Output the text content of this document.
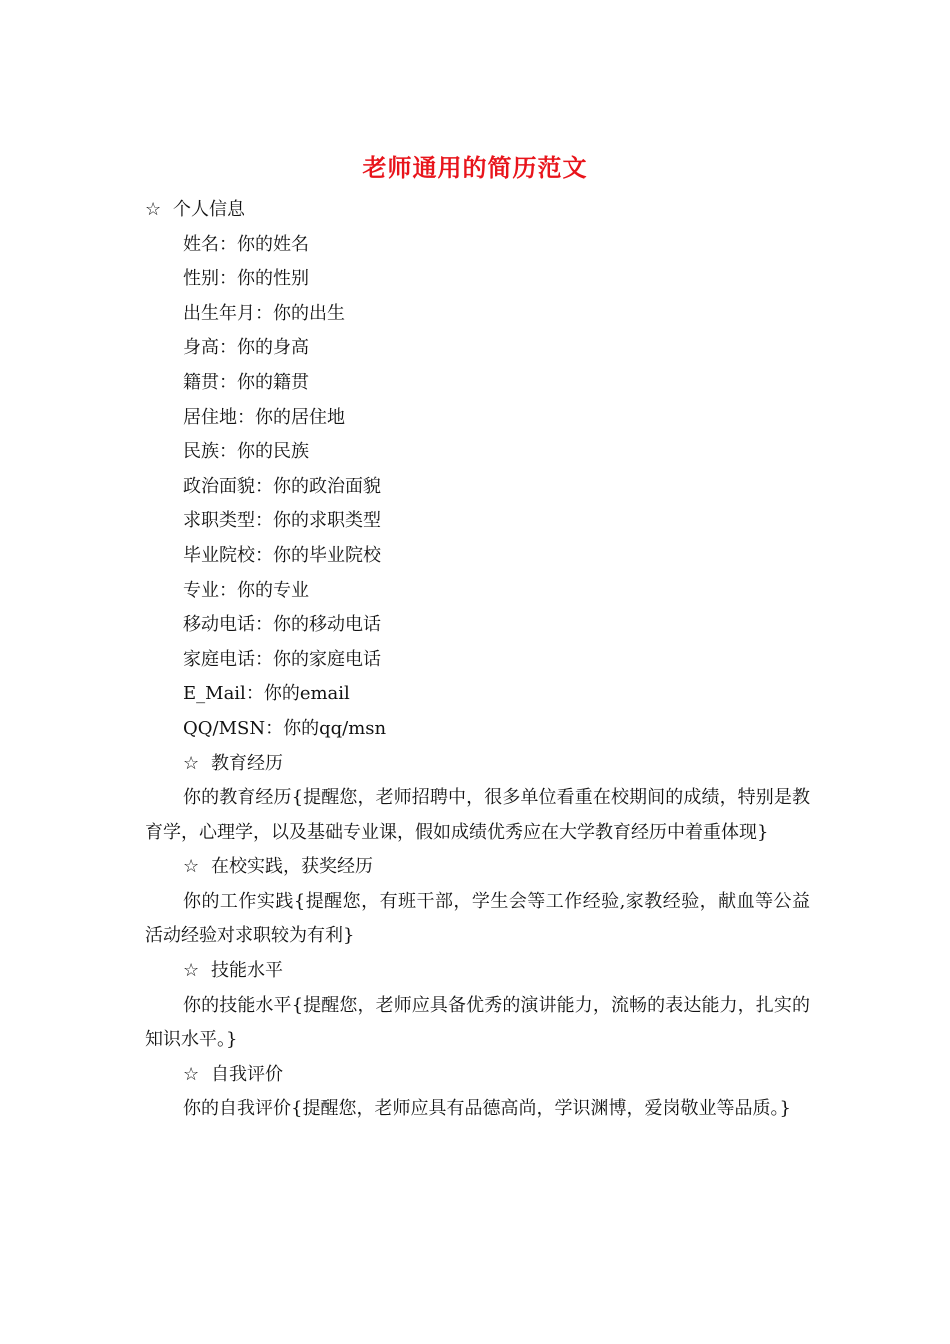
老师通用的简历范文
☆ 个人信息
姓名：你的姓名
性别：你的性别
出生年月：你的出生
身高：你的身高
籍贯：你的籍贯
居住地：你的居住地
民族：你的民族
政治面貌：你的政治面貌
求职类型：你的求职类型
毕业院校：你的毕业院校
专业：你的专业
移动电话：你的移动电话
家庭电话：你的家庭电话
E_Mail：你的email
QQ/MSN：你的qq/msn
☆ 教育经历

你的教育经历{提醒您，老师招聘中，很多单位看重在校期间的成绩，特别是教育学，心理学，以及基础专业课，假如成绩优秀应在大学教育经历中着重体现}

☆ 在校实践，获奖经历

你的工作实践{提醒您，有班干部，学生会等工作经验,家教经验，献血等公益活动经验对求职较为有利}

☆ 技能水平

你的技能水平{提醒您，老师应具备优秀的演讲能力，流畅的表达能力，扎实的知识水平。}

☆ 自我评价

你的自我评价{提醒您，老师应具有品德高尚，学识渊博，爱岗敬业等品质。}
